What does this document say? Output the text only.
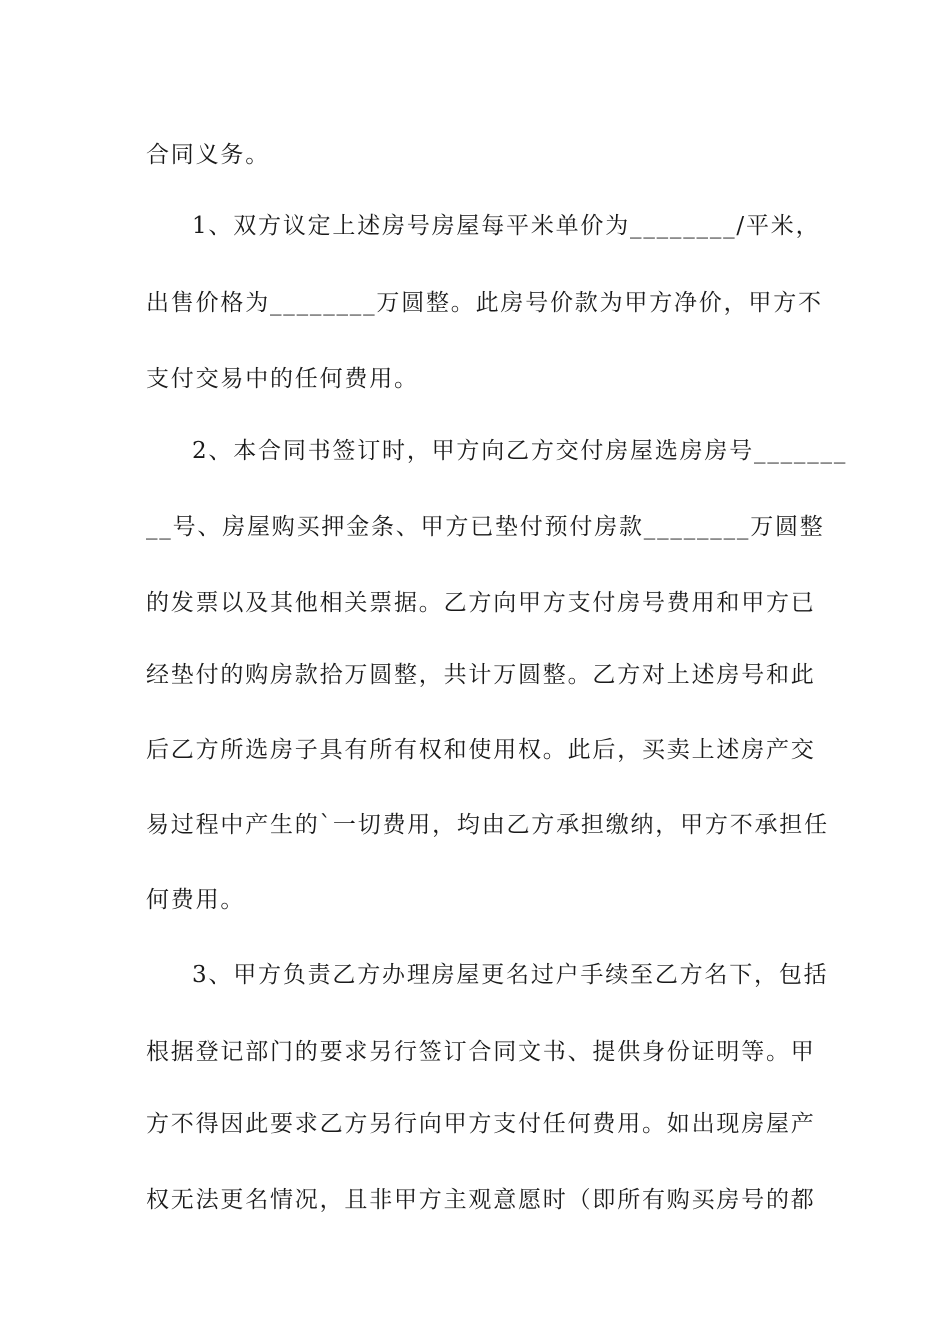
合同义务。
1、双方议定上述房号房屋每平米单价为________/平米，
出售价格为________万圆整。此房号价款为甲方净价，甲方不
支付交易中的任何费用。
2、本合同书签订时，甲方向乙方交付房屋选房房号_______
__号、房屋购买押金条、甲方已垫付预付房款________万圆整
的发票以及其他相关票据。乙方向甲方支付房号费用和甲方已
经垫付的购房款拾万圆整，共计万圆整。乙方对上述房号和此
后乙方所选房子具有所有权和使用权。此后，买卖上述房产交
易过程中产生的`一切费用，均由乙方承担缴纳，甲方不承担任
何费用。
3、甲方负责乙方办理房屋更名过户手续至乙方名下，包括
根据登记部门的要求另行签订合同文书、提供身份证明等。甲
方不得因此要求乙方另行向甲方支付任何费用。如出现房屋产
权无法更名情况，且非甲方主观意愿时（即所有购买房号的都
